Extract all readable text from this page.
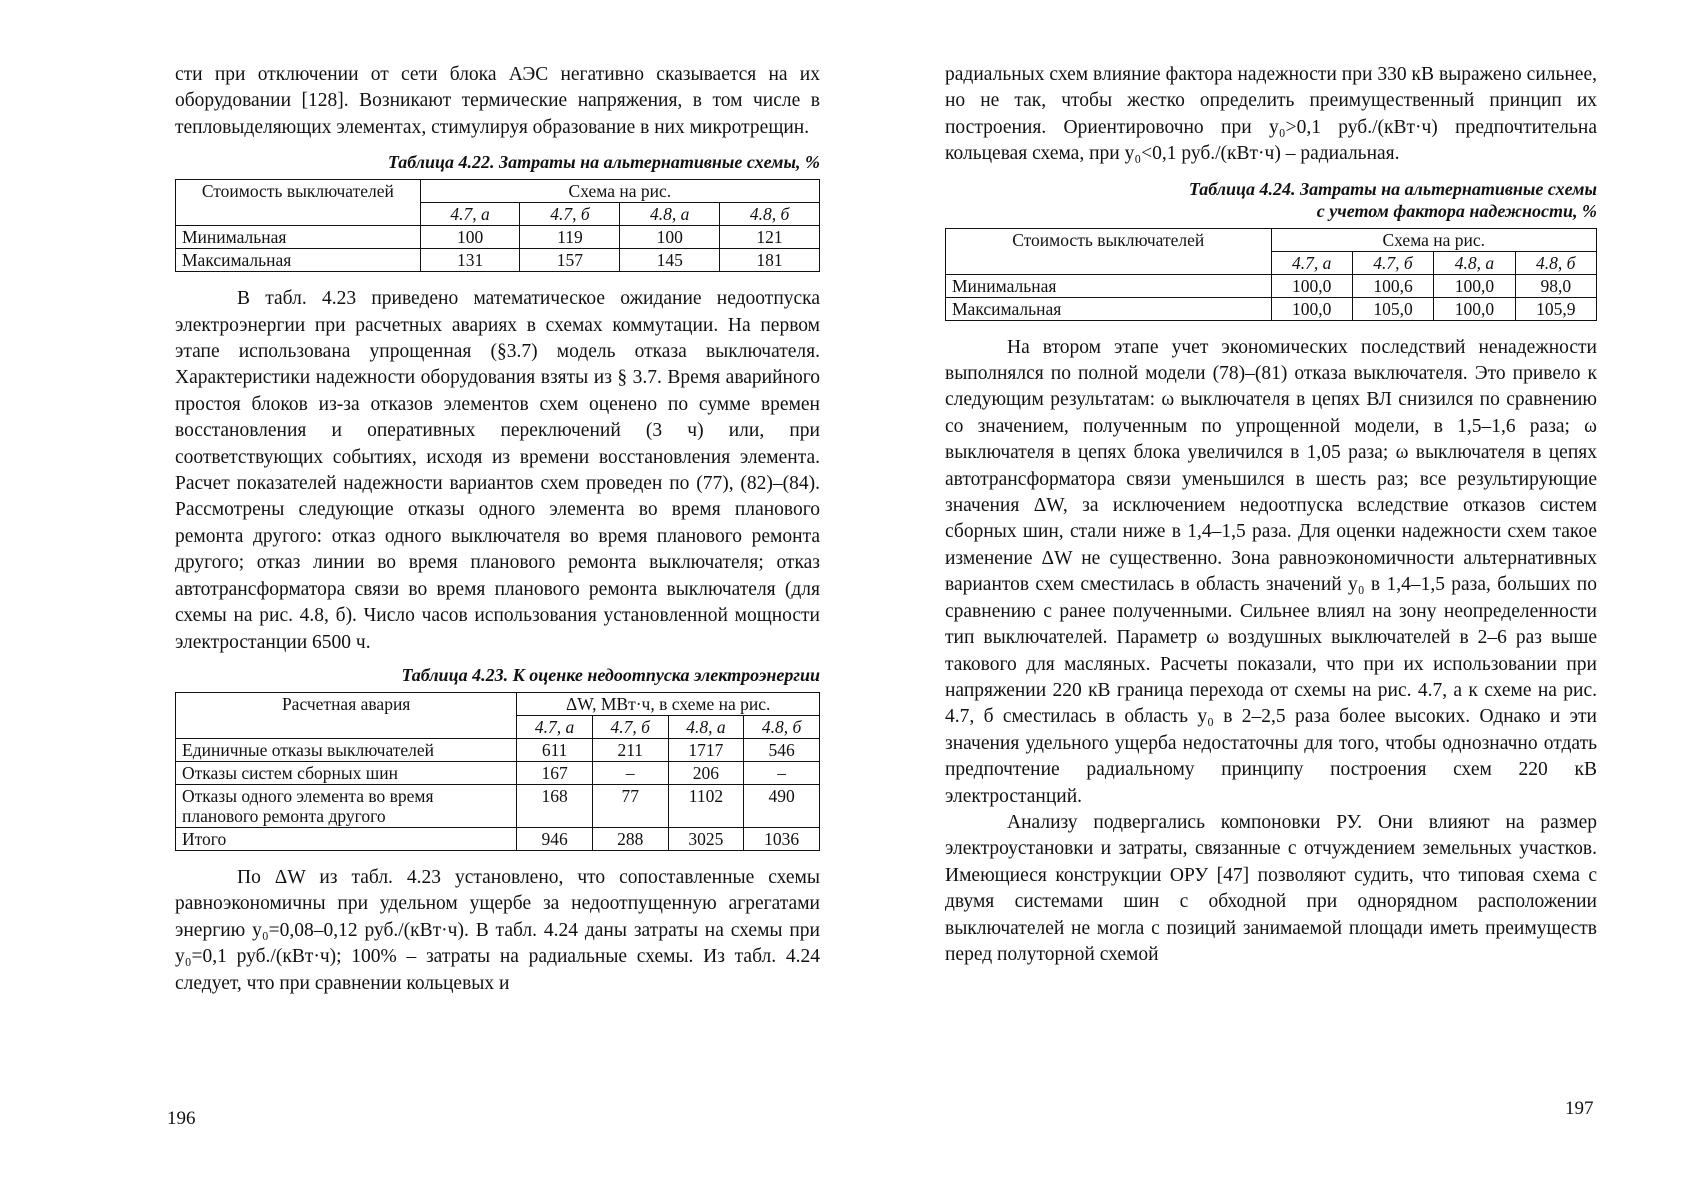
сти при отключении от сети блока АЭС негативно сказывается на их оборудовании [128]. Возникают термические напряжения, в том числе в тепловыделяющих элементах, стимулируя образование в них микротрещин.

Таблица 4.22. Затраты на альтернативные схемы, %
Стоимость выключателей	Схема на рис.			
	4.7, а	4.7, б	4.8, а	4.8, б
Минимальная	100	119	100	121
Максимальная	131	157	145	181

В табл. 4.23 приведено математическое ожидание недоотпуска электроэнергии при расчетных авариях в схемах коммутации. На первом этапе использована упрощенная (§3.7) модель отказа выключателя. Характеристики надежности оборудования взяты из § 3.7. Время аварийного простоя блоков из-за отказов элементов схем оценено по сумме времен восстановления и оперативных переключений (3 ч) или, при соответствующих событиях, исходя из времени восстановления элемента. Расчет показателей надежности вариантов схем проведен по (77), (82)–(84). Рассмотрены следующие отказы одного элемента во время планового ремонта другого: отказ одного выключателя во время планового ремонта другого; отказ линии во время планового ремонта выключателя; отказ автотрансформатора связи во время планового ремонта выключателя (для схемы на рис. 4.8, б). Число часов использования установленной мощности электростанции 6500 ч.

Таблица 4.23. К оценке недоотпуска электроэнергии
Расчетная авария	ΔW, МВт·ч, в схеме на рис.			
	4.7, а	4.7, б	4.8, а	4.8, б
Единичные отказы выключателей	611	211	1717	546
Отказы систем сборных шин	167	–	206	–
Отказы одного элемента во время планового ремонта другого	168	77	1102	490
Итого	946	288	3025	1036

По ΔW из табл. 4.23 установлено, что сопоставленные схемы равноэкономичны при удельном ущербе за недоотпущенную агрегатами энергию y₀=0,08–0,12 руб./(кВт·ч). В табл. 4.24 даны затраты на схемы при y₀=0,1 руб./(кВт·ч); 100% – затраты на радиальные схемы. Из табл. 4.24 следует, что при сравнении кольцевых и

196

радиальных схем влияние фактора надежности при 330 кВ выражено сильнее, но не так, чтобы жестко определить преимущественный принцип их построения. Ориентировочно при y₀>0,1 руб./(кВт·ч) предпочтительна кольцевая схема, при y₀<0,1 руб./(кВт·ч) – радиальная.

Таблица 4.24. Затраты на альтернативные схемы
с учетом фактора надежности, %
Стоимость выключателей	Схема на рис.			
	4.7, а	4.7, б	4.8, а	4.8, б
Минимальная	100,0	100,6	100,0	98,0
Максимальная	100,0	105,0	100,0	105,9

На втором этапе учет экономических последствий ненадежности выполнялся по полной модели (78)–(81) отказа выключателя. Это привело к следующим результатам: ω выключателя в цепях ВЛ снизился по сравнению со значением, полученным по упрощенной модели, в 1,5–1,6 раза; ω выключателя в цепях блока увеличился в 1,05 раза; ω выключателя в цепях автотрансформатора связи уменьшился в шесть раз; все результирующие значения ΔW, за исключением недоотпуска вследствие отказов систем сборных шин, стали ниже в 1,4–1,5 раза. Для оценки надежности схем такое изменение ΔW не существенно. Зона равноэкономичности альтернативных вариантов схем сместилась в область значений y₀ в 1,4–1,5 раза, больших по сравнению с ранее полученными. Сильнее влиял на зону неопределенности тип выключателей. Параметр ω воздушных выключателей в 2–6 раз выше такового для масляных. Расчеты показали, что при их использовании при напряжении 220 кВ граница перехода от схемы на рис. 4.7, а к схеме на рис. 4.7, б сместилась в область y₀ в 2–2,5 раза более высоких. Однако и эти значения удельного ущерба недостаточны для того, чтобы однозначно отдать предпочтение радиальному принципу построения схем 220 кВ электростанций.

Анализу подвергались компоновки РУ. Они влияют на размер электроустановки и затраты, связанные с отчуждением земельных участков. Имеющиеся конструкции ОРУ [47] позволяют судить, что типовая схема с двумя системами шин с обходной при однорядном расположении выключателей не могла с позиций занимаемой площади иметь преимуществ перед полуторной схемой

197
